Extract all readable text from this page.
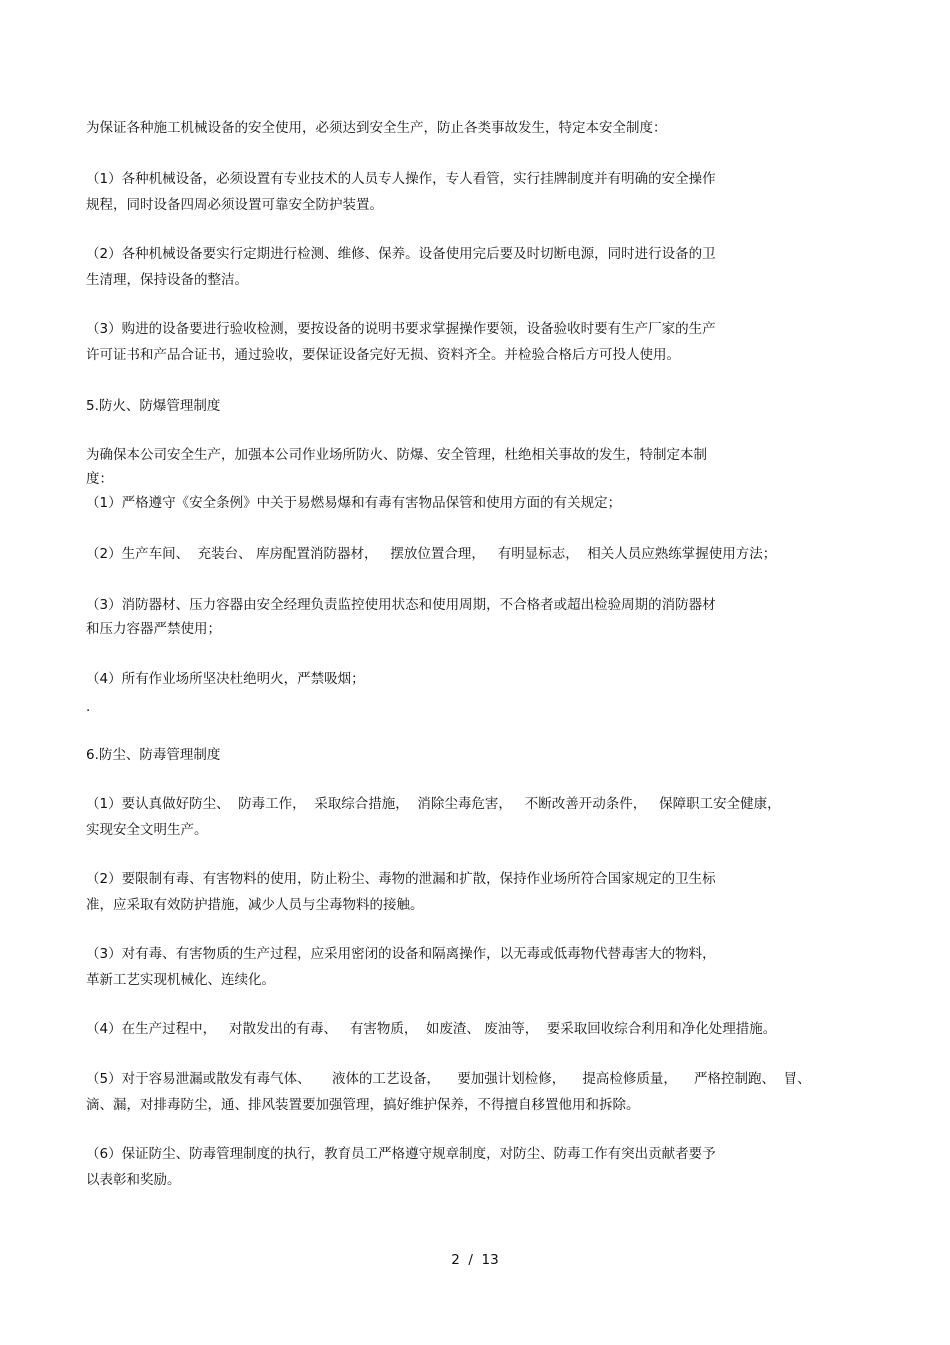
为保证各种施工机械设备的安全使用，必须达到安全生产，防止各类事故发生，特定本安全制度：
（1）各种机械设备，必须设置有专业技术的人员专人操作，专人看管，实行挂牌制度并有明确的安全操作
规程，同时设备四周必须设置可靠安全防护装置。
（2）各种机械设备要实行定期进行检测、维修、保养。设备使用完后要及时切断电源，同时进行设备的卫
生清理，保持设备的整洁。
（3）购进的设备要进行验收检测，要按设备的说明书要求掌握操作要领，设备验收时要有生产厂家的生产
许可证书和产品合证书，通过验收，要保证设备完好无损、资料齐全。并检验合格后方可投人使用。
5.防火、防爆管理制度
为确保本公司安全生产，加强本公司作业场所防火、防爆、安全管理，杜绝相关事故的发生，特制定本制
度：
（1）严格遵守《安全条例》中关于易燃易爆和有毒有害物品保管和使用方面的有关规定；
（2）生产车间、  充装台、 库房配置消防器材，   摆放位置合理，   有明显标志，  相关人员应熟练掌握使用方法；
（3）消防器材、压力容器由安全经理负责监控使用状态和使用周期，不合格者或超出检验周期的消防器材
和压力容器严禁使用；
（4）所有作业场所坚决杜绝明火，严禁吸烟；
.
6.防尘、防毒管理制度
（1）要认真做好防尘、  防毒工作，  采取综合措施，  消除尘毒危害，   不断改善开动条件，   保障职工安全健康，
实现安全文明生产。
（2）要限制有毒、有害物料的使用，防止粉尘、毒物的泄漏和扩散，保持作业场所符合国家规定的卫生标
准，应采取有效防护措施，减少人员与尘毒物料的接触。
（3）对有毒、有害物质的生产过程，应采用密闭的设备和隔离操作，以无毒或低毒物代替毒害大的物料，
革新工艺实现机械化、连续化。
（4）在生产过程中，   对散发出的有毒、   有害物质，  如废渣、 废油等，  要采取回收综合利用和净化处理措施。
（5）对于容易泄漏或散发有毒气体、     液体的工艺设备，    要加强计划检修，    提高检修质量，    严格控制跑、  冒、
滴、漏，对排毒防尘，通、排风装置要加强管理，搞好维护保养，不得擅自移置他用和拆除。
（6）保证防尘、防毒管理制度的执行，教育员工严格遵守规章制度，对防尘、防毒工作有突出贡献者要予
以表彰和奖励。
2  /  13
